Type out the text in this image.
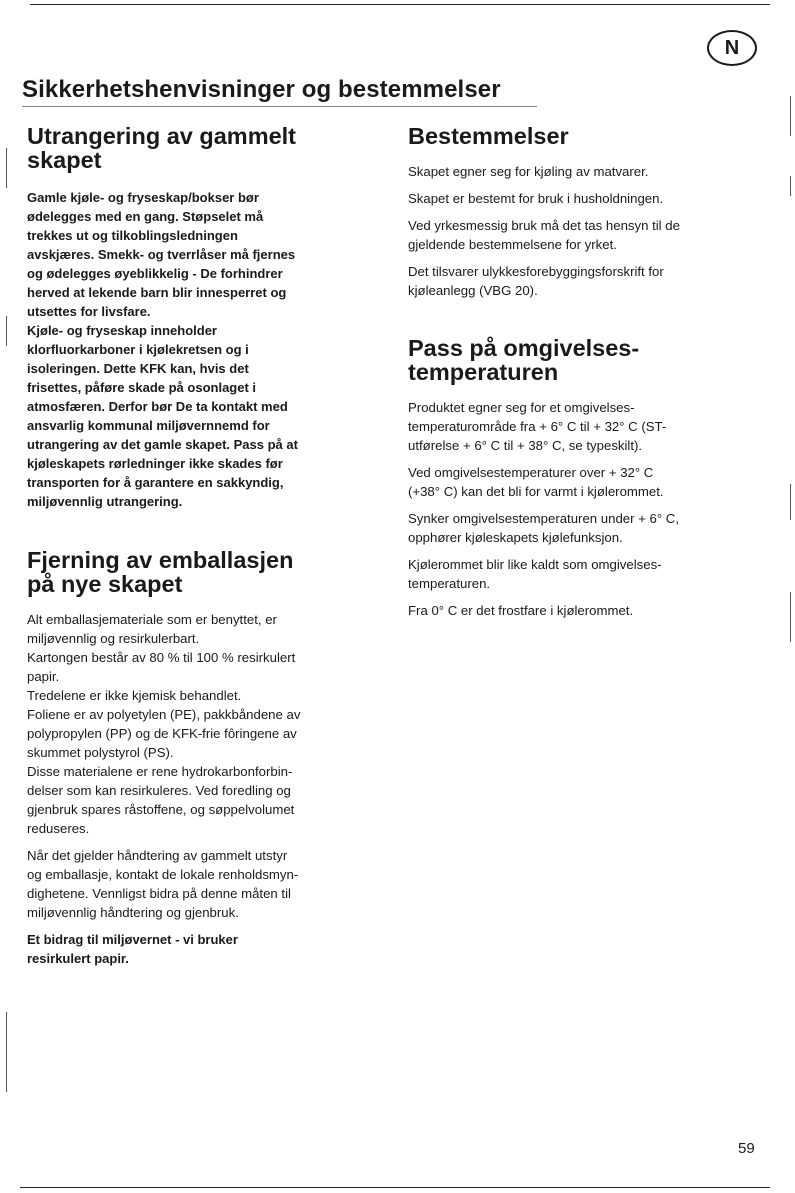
N
Sikkerhetshenvisninger og bestemmelser
Utrangering av gammelt
skapet

Gamle kjøle- og fryseskap/bokser bør

ødelegges med en gang. Støpselet må

trekkes ut og tilkoblingsledningen

avskjæres. Smekk- og tverrlåser må fjernes

og ødelegges øyeblikkelig - De forhindrer

herved at lekende barn blir innesperret og

utsettes for livsfare.

Kjøle- og fryseskap inneholder

klorfluorkarboner i kjølekretsen og i

isoleringen. Dette KFK kan, hvis det

frisettes, påføre skade på osonlaget i

atmosfæren. Derfor bør De ta kontakt med

ansvarlig kommunal miljøvernnemd for

utrangering av det gamle skapet. Pass på at

kjøleskapets rørledninger ikke skades før

transporten for å garantere en sakkyndig,

miljøvennlig utrangering.

Fjerning av emballasjen
på nye skapet

Alt emballasjemateriale som er benyttet, er

miljøvennlig og resirkulerbart.

Kartongen består av 80 % til 100 % resirkulert

papir.

Tredelene er ikke kjemisk behandlet.

Foliene er av polyetylen (PE), pakkbåndene av

polypropylen (PP) og de KFK-frie fôringene av

skummet polystyrol (PS).

Disse materialene er rene hydrokarbonforbin-

delser som kan resirkuleres. Ved foredling og

gjenbruk spares råstoffene, og søppelvolumet

reduseres.

Når det gjelder håndtering av gammelt utstyr

og emballasje, kontakt de lokale renholdsmyn-

dighetene. Vennligst bidra på denne måten til

miljøvennlig håndtering og gjenbruk.

Et bidrag til miljøvernet - vi bruker

resirkulert papir.

Bestemmelser

Skapet egner seg for kjøling av matvarer.

Skapet er bestemt for bruk i husholdningen.

Ved yrkesmessig bruk må det tas hensyn til de

gjeldende bestemmelsene for yrket.

Det tilsvarer ulykkesforebyggingsforskrift for

kjøleanlegg (VBG 20).

Pass på omgivelses-
temperaturen

Produktet egner seg for et omgivelses-

temperaturområde fra + 6° C til + 32° C (ST-

utførelse + 6° C til + 38° C, se typeskilt).

Ved omgivelsestemperaturer over + 32° C

(+38° C) kan det bli for varmt i kjølerommet.

Synker omgivelsestemperaturen under + 6° C,

opphører kjøleskapets kjølefunksjon.

Kjølerommet blir like kaldt som omgivelses-

temperaturen.

Fra 0° C er det frostfare i kjølerommet.

59
